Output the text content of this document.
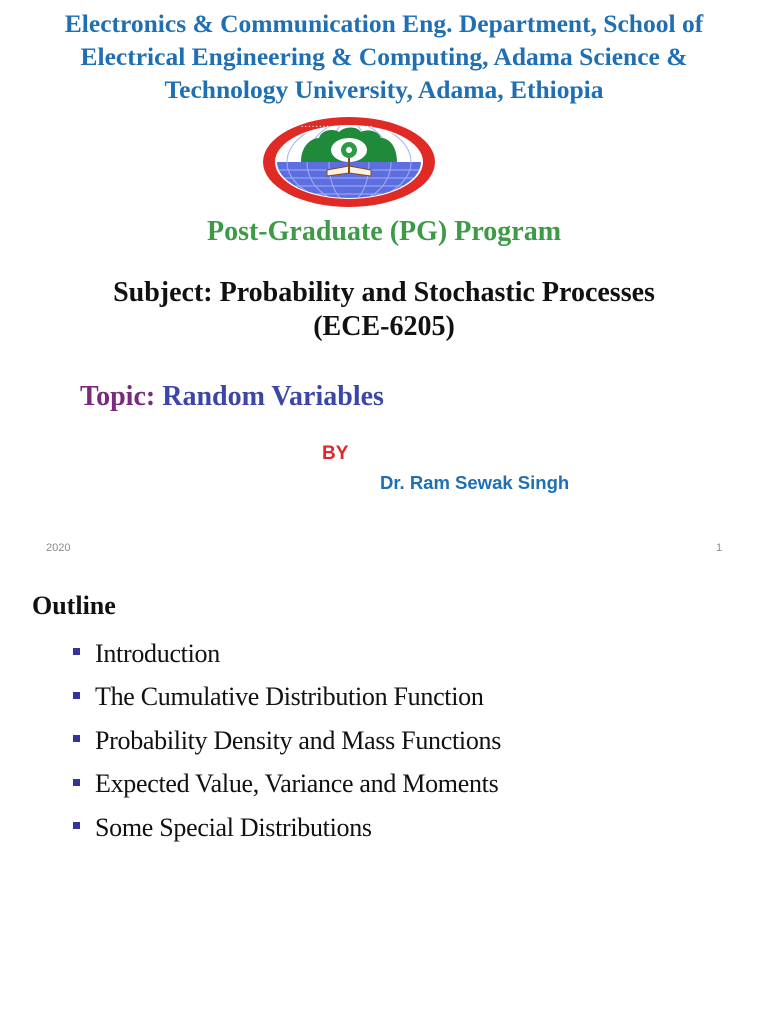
Electronics & Communication Eng. Department, School of
Electrical Engineering & Computing, Adama Science &
Technology University, Adama, Ethiopia
• • • • • • • • • • • • • • • • • • • •
Post-Graduate (PG) Program
Subject: Probability and Stochastic Processes
(ECE-6205)
Topic: Random Variables
BY
Dr. Ram Sewak Singh
2020	1
Outline
Introduction
The Cumulative Distribution Function
Probability Density and Mass Functions
Expected Value, Variance and Moments
Some Special Distributions
